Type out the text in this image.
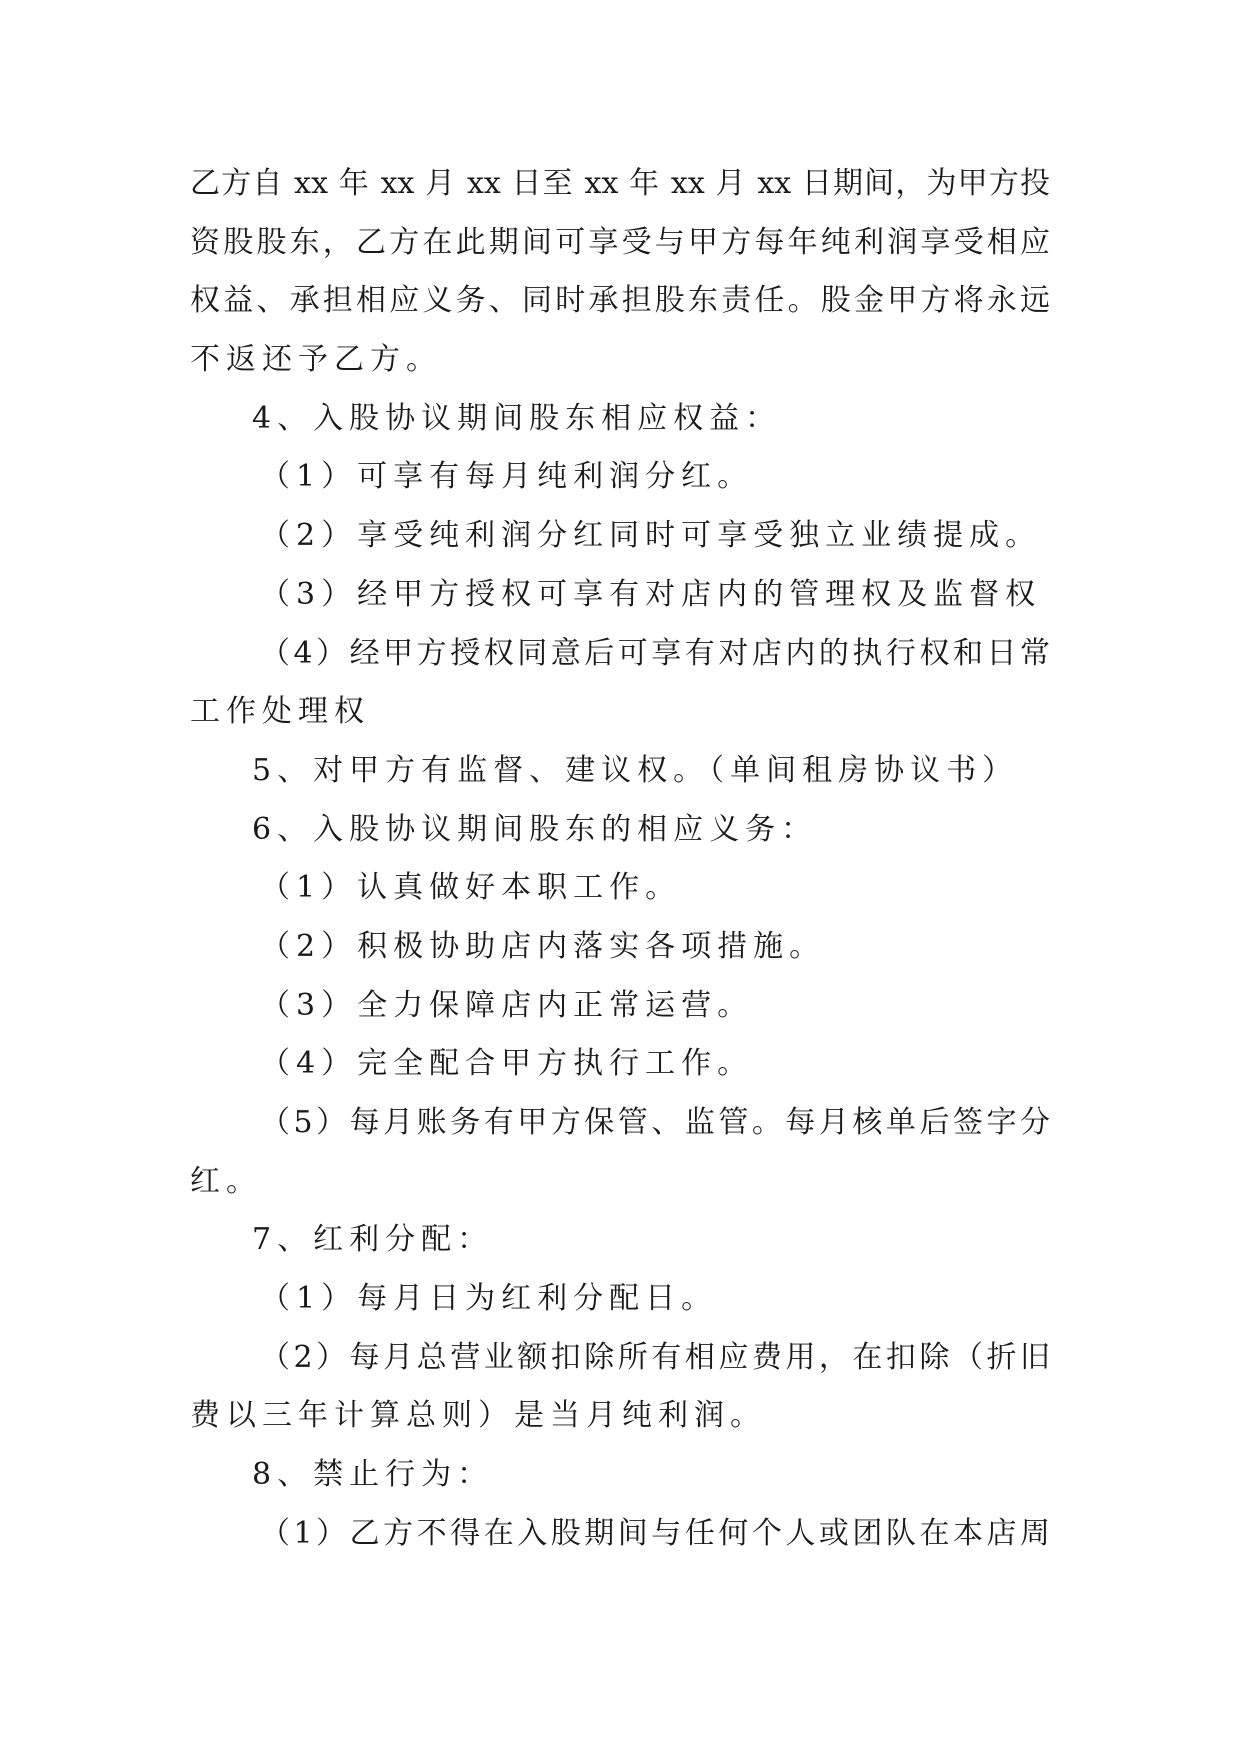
乙方自 xx 年 xx 月 xx 日至 xx 年 xx 月 xx 日期间，为甲方投
资股股东，乙方在此期间可享受与甲方每年纯利润享受相应
权益、承担相应义务、同时承担股东责任。股金甲方将永远
不返还予乙方。
4、入股协议期间股东相应权益：
（1）可享有每月纯利润分红。
（2）享受纯利润分红同时可享受独立业绩提成。
（3）经甲方授权可享有对店内的管理权及监督权
（4）经甲方授权同意后可享有对店内的执行权和日常
工作处理权
5、对甲方有监督、建议权。（单间租房协议书）
6、入股协议期间股东的相应义务：
（1）认真做好本职工作。
（2）积极协助店内落实各项措施。
（3）全力保障店内正常运营。
（4）完全配合甲方执行工作。
（5）每月账务有甲方保管、监管。每月核单后签字分
红。
7、红利分配：
（1）每月日为红利分配日。
（2）每月总营业额扣除所有相应费用，在扣除（折旧
费以三年计算总则）是当月纯利润。
8、禁止行为：
（1）乙方不得在入股期间与任何个人或团队在本店周
